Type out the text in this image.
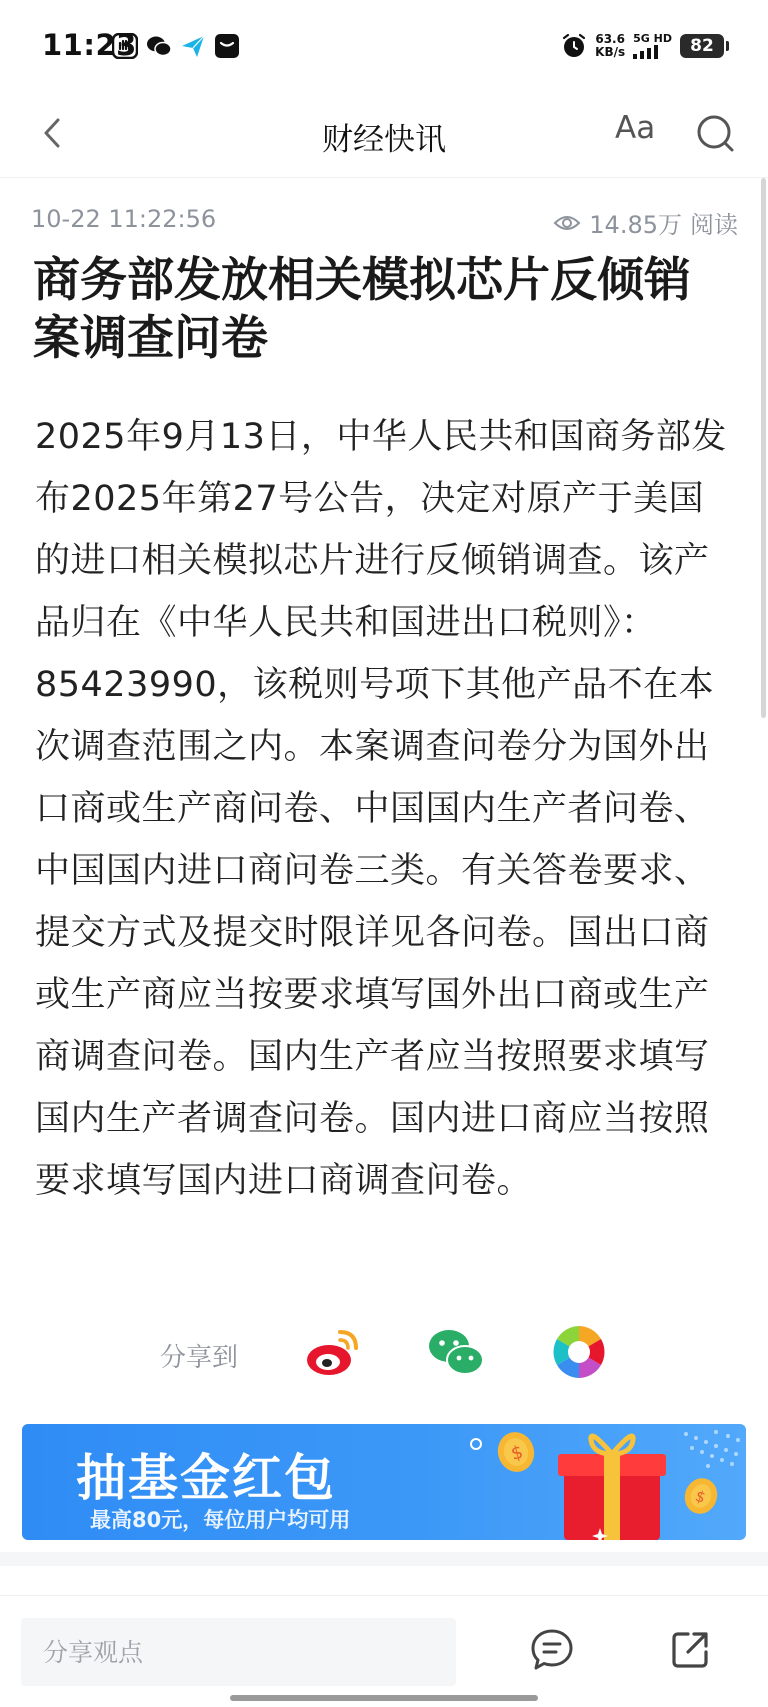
11:23	63.6
KB/s
5G HD	82
财经快讯	Aa
10-22 11:22:56	14.85万 阅读
商务部发放相关模拟芯片反倾销案调查问卷
2025年9月13日，中华人民共和国商务部发布2025年第27号公告，决定对原产于美国的进口相关模拟芯片进行反倾销调查。该产品归在《中华人民共和国进出口税则》：85423990，该税则号项下其他产品不在本次调查范围之内。本案调查问卷分为国外出口商或生产商问卷、中国国内生产者问卷、中国国内进口商问卷三类。有关答卷要求、提交方式及提交时限详见各问卷。国出口商或生产商应当按要求填写国外出口商或生产商调查问卷。国内生产者应当按照要求填写国内生产者调查问卷。国内进口商应当按照要求填写国内进口商调查问卷。
分享到
抽基金红包
最高80元，每位用户均可用
$
$
分享观点
